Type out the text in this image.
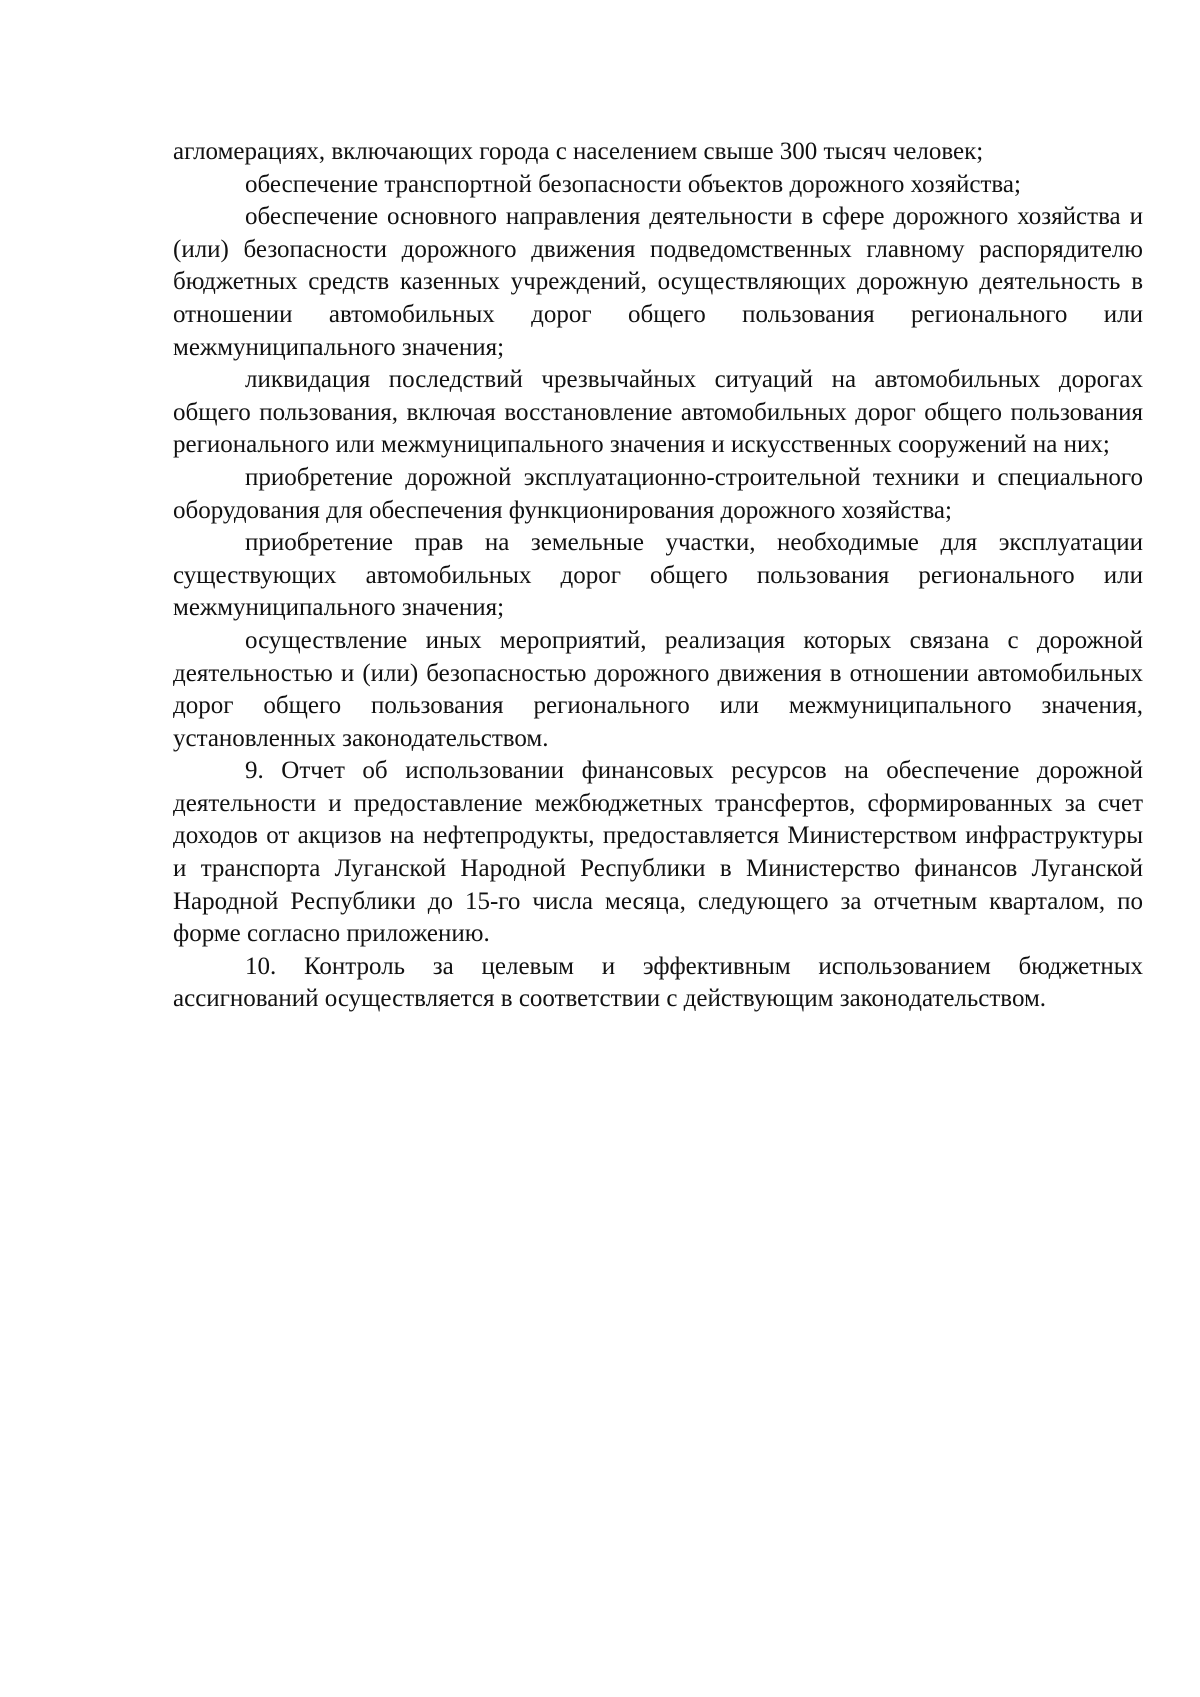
агломерациях, включающих города с населением свыше 300 тысяч человек;

обеспечение транспортной безопасности объектов дорожного хозяйства;

обеспечение основного направления деятельности в сфере дорожного хозяйства и (или) безопасности дорожного движения подведомственных главному распорядителю бюджетных средств казенных учреждений, осуществляющих дорожную деятельность в отношении автомобильных дорог общего пользования регионального или межмуниципального значения;

ликвидация последствий чрезвычайных ситуаций на автомобильных дорогах общего пользования, включая восстановление автомобильных дорог общего пользования регионального или межмуниципального значения и искусственных сооружений на них;

приобретение дорожной эксплуатационно-строительной техники и специального оборудования для обеспечения функционирования дорожного хозяйства;

приобретение прав на земельные участки, необходимые для эксплуатации существующих автомобильных дорог общего пользования регионального или межмуниципального значения;

осуществление иных мероприятий, реализация которых связана с дорожной деятельностью и (или) безопасностью дорожного движения в отношении автомобильных дорог общего пользования регионального или межмуниципального значения, установленных законодательством.

9. Отчет об использовании финансовых ресурсов на обеспечение дорожной деятельности и предоставление межбюджетных трансфертов, сформированных за счет доходов от акцизов на нефтепродукты, предоставляется Министерством инфраструктуры и транспорта Луганской Народной Республики в Министерство финансов Луганской Народной Республики до 15-го числа месяца, следующего за отчетным кварталом, по форме согласно приложению.

10. Контроль за целевым и эффективным использованием бюджетных ассигнований осуществляется в соответствии с действующим законодательством.
